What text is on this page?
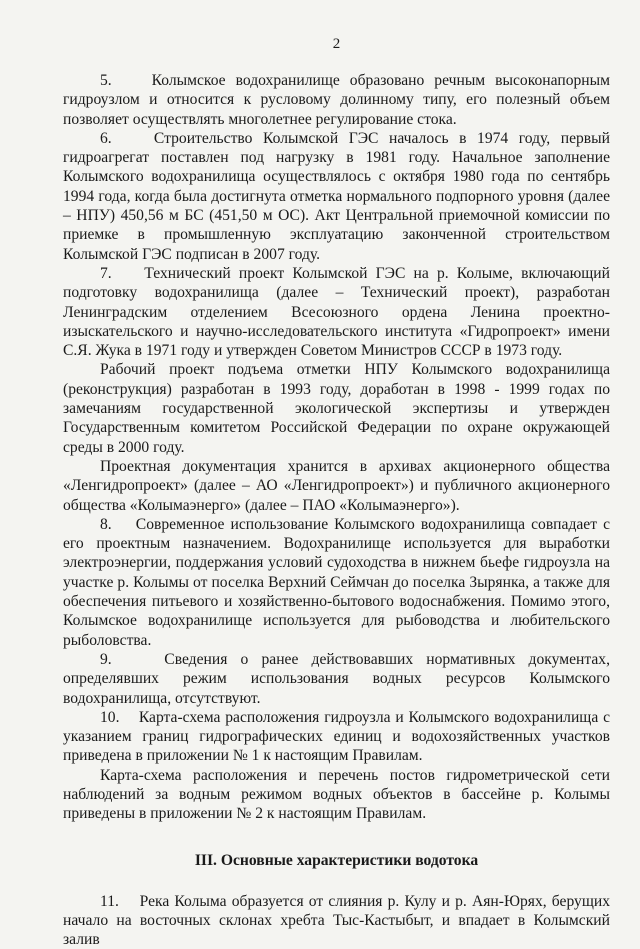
2

5.    Колымское водохранилище образовано речным высоконапорным гидроузлом и относится к русловому долинному типу, его полезный объем позволяет осуществлять многолетнее регулирование стока.

6.    Строительство Колымской ГЭС началось в 1974 году, первый гидроагрегат поставлен под нагрузку в 1981 году. Начальное заполнение Колымского водохранилища осуществлялось с октября 1980 года по сентябрь 1994 года, когда была достигнута отметка нормального подпорного уровня (далее – НПУ) 450,56 м БС (451,50 м ОС). Акт Центральной приемочной комиссии по приемке в промышленную эксплуатацию законченной строительством Колымской ГЭС подписан в 2007 году.

7.    Технический проект Колымской ГЭС на р. Колыме, включающий подготовку водохранилища (далее – Технический проект), разработан Ленинградским отделением Всесоюзного ордена Ленина проектно-изыскательского и научно-исследовательского института «Гидропроект» имени С.Я. Жука в 1971 году и утвержден Советом Министров СССР в 1973 году.

Рабочий проект подъема отметки НПУ Колымского водохранилища (реконструкция) разработан в 1993 году, доработан в 1998 - 1999 годах по замечаниям государственной экологической экспертизы и утвержден Государственным комитетом Российской Федерации по охране окружающей среды в 2000 году.

Проектная документация хранится в архивах акционерного общества «Ленгидропроект» (далее – АО «Ленгидропроект») и публичного акционерного общества «Колымаэнерго» (далее – ПАО «Колымаэнерго»).

8.    Современное использование Колымского водохранилища совпадает с его проектным назначением. Водохранилище используется для выработки электроэнергии, поддержания условий судоходства в нижнем бьефе гидроузла на участке р. Колымы от поселка Верхний Сеймчан до поселка Зырянка, а также для обеспечения питьевого и хозяйственно-бытового водоснабжения. Помимо этого, Колымское водохранилище используется для рыбоводства и любительского рыболовства.

9.    Сведения о ранее действовавших нормативных документах, определявших режим использования водных ресурсов Колымского водохранилища, отсутствуют.

10.    Карта-схема расположения гидроузла и Колымского водохранилища с указанием границ гидрографических единиц и водохозяйственных участков приведена в приложении № 1 к настоящим Правилам.

Карта-схема расположения и перечень постов гидрометрической сети наблюдений за водным режимом водных объектов в бассейне р. Колымы приведены в приложении № 2 к настоящим Правилам.

III. Основные характеристики водотока

11.    Река Колыма образуется от слияния р. Кулу и р. Аян-Юрях, берущих начало на восточных склонах хребта Тыс-Кастыбыт, и впадает в Колымский залив
